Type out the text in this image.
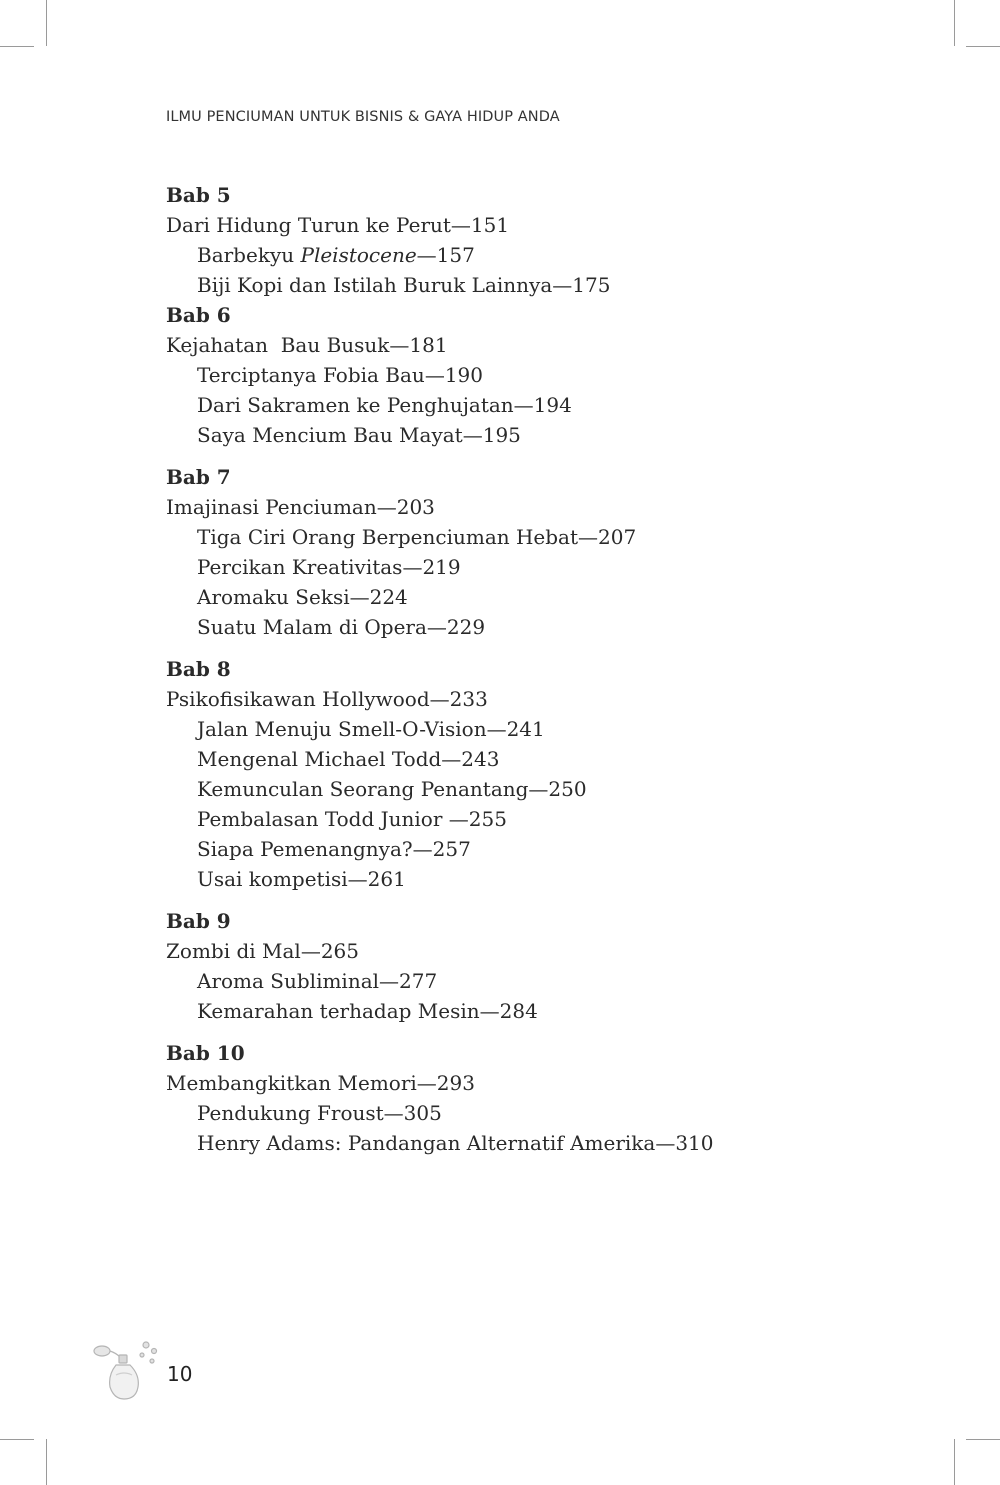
ILMU PENCIUMAN UNTUK BISNIS & GAYA HIDUP ANDA
Bab 5
Dari Hidung Turun ke Perut—151
Barbekyu Pleistocene—157
Biji Kopi dan Istilah Buruk Lainnya—175
Bab 6
Kejahatan  Bau Busuk—181
Terciptanya Fobia Bau—190
Dari Sakramen ke Penghujatan—194
Saya Mencium Bau Mayat—195
Bab 7
Imajinasi Penciuman—203
Tiga Ciri Orang Berpenciuman Hebat—207
Percikan Kreativitas—219
Aromaku Seksi—224
Suatu Malam di Opera—229
Bab 8
Psikofisikawan Hollywood—233
Jalan Menuju Smell-O-Vision—241
Mengenal Michael Todd—243
Kemunculan Seorang Penantang—250
Pembalasan Todd Junior —255
Siapa Pemenangnya?—257
Usai kompetisi—261
Bab 9
Zombi di Mal—265
Aroma Subliminal—277
Kemarahan terhadap Mesin—284
Bab 10
Membangkitkan Memori—293
Pendukung Froust—305
Henry Adams: Pandangan Alternatif Amerika—310
10
